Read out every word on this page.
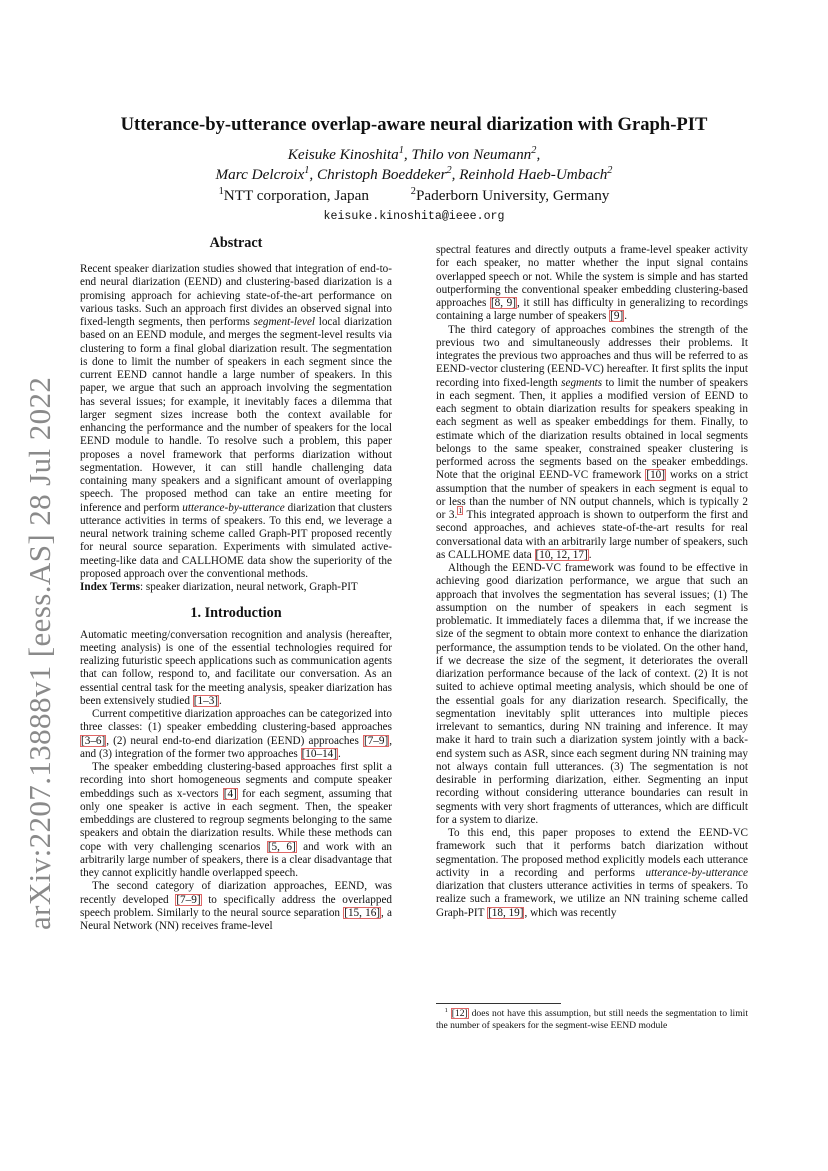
arXiv:2207.13888v1 [eess.AS] 28 Jul 2022
Utterance-by-utterance overlap-aware neural diarization with Graph-PIT
Keisuke Kinoshita$^1$, Thilo von Neumann$^2$,
Marc Delcroix$^1$, Christoph Boeddeker$^2$, Reinhold Haeb-Umbach$^2$
$^1$NTT corporation, Japan	$^2$Paderborn University, Germany
keisuke.kinoshita@ieee.org
Abstract

Recent speaker diarization studies showed that integration of end-to-end neural diarization (EEND) and clustering-based diarization is a promising approach for achieving state-of-the-art performance on various tasks. Such an approach first divides an observed signal into fixed-length segments, then performs segment-level local diarization based on an EEND module, and merges the segment-level results via clustering to form a final global diarization result. The segmentation is done to limit the number of speakers in each segment since the current EEND cannot handle a large number of speakers. In this paper, we argue that such an approach involving the segmentation has several issues; for example, it inevitably faces a dilemma that larger segment sizes increase both the context available for enhancing the performance and the number of speakers for the local EEND module to handle. To resolve such a problem, this paper proposes a novel framework that performs diarization without segmentation. However, it can still handle challenging data containing many speakers and a significant amount of overlapping speech. The proposed method can take an entire meeting for inference and perform utterance-by-utterance diarization that clusters utterance activities in terms of speakers. To this end, we leverage a neural network training scheme called Graph-PIT proposed recently for neural source separation. Experiments with simulated active-meeting-like data and CALLHOME data show the superiority of the proposed approach over the conventional methods.

Index Terms: speaker diarization, neural network, Graph-PIT

1. Introduction

Automatic meeting/conversation recognition and analysis (hereafter, meeting analysis) is one of the essential technologies required for realizing futuristic speech applications such as communication agents that can follow, respond to, and facilitate our conversation. As an essential central task for the meeting analysis, speaker diarization has been extensively studied [1–3].

Current competitive diarization approaches can be categorized into three classes: (1) speaker embedding clustering-based approaches [3–6], (2) neural end-to-end diarization (EEND) approaches [7–9], and (3) integration of the former two approaches [10–14].

The speaker embedding clustering-based approaches first split a recording into short homogeneous segments and compute speaker embeddings such as x-vectors [4] for each segment, assuming that only one speaker is active in each segment. Then, the speaker embeddings are clustered to regroup segments belonging to the same speakers and obtain the diarization results. While these methods can cope with very challenging scenarios [5, 6] and work with an arbitrarily large number of speakers, there is a clear disadvantage that they cannot explicitly handle overlapped speech.

The second category of diarization approaches, EEND, was recently developed [7–9] to specifically address the overlapped speech problem. Similarly to the neural source separation [15, 16], a Neural Network (NN) receives frame-level

spectral features and directly outputs a frame-level speaker activity for each speaker, no matter whether the input signal contains overlapped speech or not. While the system is simple and has started outperforming the conventional speaker embedding clustering-based approaches [8, 9], it still has difficulty in generalizing to recordings containing a large number of speakers [9].

The third category of approaches combines the strength of the previous two and simultaneously addresses their problems. It integrates the previous two approaches and thus will be referred to as EEND-vector clustering (EEND-VC) hereafter. It first splits the input recording into fixed-length segments to limit the number of speakers in each segment. Then, it applies a modified version of EEND to each segment to obtain diarization results for speakers speaking in each segment as well as speaker embeddings for them. Finally, to estimate which of the diarization results obtained in local segments belongs to the same speaker, constrained speaker clustering is performed across the segments based on the speaker embeddings. Note that the original EEND-VC framework [10] works on a strict assumption that the number of speakers in each segment is equal to or less than the number of NN output channels, which is typically 2 or 3.$^1$ This integrated approach is shown to outperform the first and second approaches, and achieves state-of-the-art results for real conversational data with an arbitrarily large number of speakers, such as CALLHOME data [10, 12, 17].

Although the EEND-VC framework was found to be effective in achieving good diarization performance, we argue that such an approach that involves the segmentation has several issues; (1) The assumption on the number of speakers in each segment is problematic. It immediately faces a dilemma that, if we increase the size of the segment to obtain more context to enhance the diarization performance, the assumption tends to be violated. On the other hand, if we decrease the size of the segment, it deteriorates the overall diarization performance because of the lack of context. (2) It is not suited to achieve optimal meeting analysis, which should be one of the essential goals for any diarization research. Specifically, the segmentation inevitably split utterances into multiple pieces irrelevant to semantics, during NN training and inference. It may make it hard to train such a diarization system jointly with a back-end system such as ASR, since each segment during NN training may not always contain full utterances. (3) The segmentation is not desirable in performing diarization, either. Segmenting an input recording without considering utterance boundaries can result in segments with very short fragments of utterances, which are difficult for a system to diarize.

To this end, this paper proposes to extend the EEND-VC framework such that it performs batch diarization without segmentation. The proposed method explicitly models each utterance activity in a recording and performs utterance-by-utterance diarization that clusters utterance activities in terms of speakers. To realize such a framework, we utilize an NN training scheme called Graph-PIT [18, 19], which was recently

$^1$ [12] does not have this assumption, but still needs the segmentation to limit the number of speakers for the segment-wise EEND module
